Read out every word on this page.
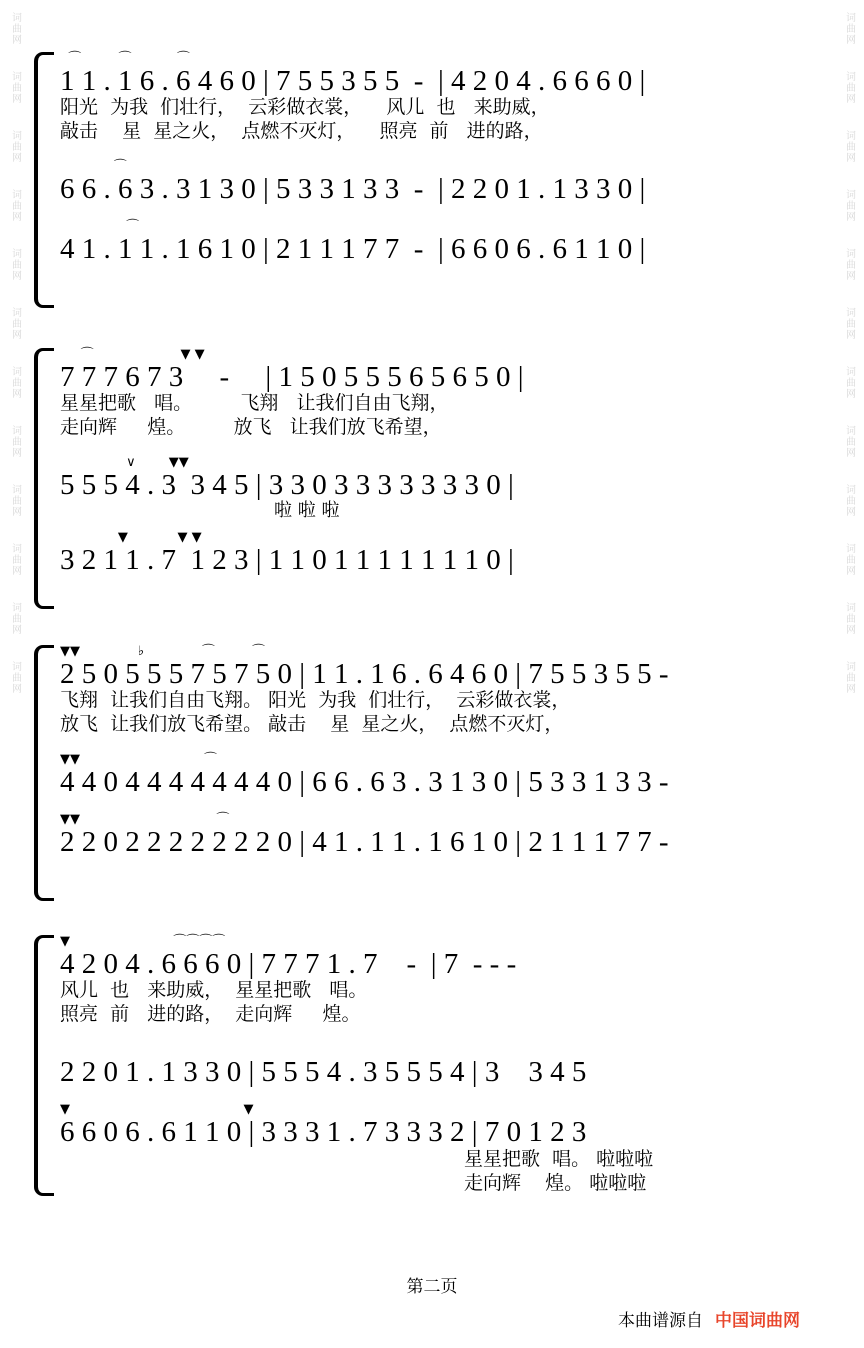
词曲网
词曲网
词曲网
词曲网
词曲网
词曲网
词曲网
词曲网
词曲网
词曲网
词曲网
词曲网
词曲网
词曲网
词曲网
词曲网
词曲网
词曲网
词曲网
词曲网
词曲网
词曲网
词曲网
词曲网
⌒         ⌒           ⌒
1 1 . 1 6 . 6 4 6 0 | 7 5 5 3 5 5  -  | 4 2 0 4 . 6 6 6 0 |
阳光  为我  们壮行，  云彩做衣裳，    风儿  也   来助威，
敲击    星  星之火，  点燃不灭灯，    照亮  前   进的路，
⌒
6 6 . 6 3 . 3 1 3 0 | 5 3 3 1 3 3  -  | 2 2 0 1 . 1 3 3 0 |
⌒
4 1 . 1 1 . 1 6 1 0 | 2 1 1 1 7 7  -  | 6 6 0 6 . 6 1 1 0 |
⌒                     ▼ ▼
7 7 7 6 7 3     -     | 1 5 0 5 5 5 6 5 6 5 0 |
星星把歌   唱。        飞翔   让我们自由飞翔，
走向辉     煌。        放飞   让我们放飞希望，
∨        ▼▼
5 5 5 4 . 3  3 4 5 | 3 3 0 3 3 3 3 3 3 3 0 |
啦 啦 啦
▼            ▼ ▼
3 2 1 1 . 7  1 2 3 | 1 1 0 1 1 1 1 1 1 1 0 |
▼▼              ♭              ⌒         ⌒
2 5 0 5 5 5 7 5 7 5 0 | 1 1 . 1 6 . 6 4 6 0 | 7 5 5 3 5 5 -
飞翔  让我们自由飞翔。 阳光  为我  们壮行，  云彩做衣裳，
放飞  让我们放飞希望。 敲击    星  星之火，  点燃不灭灯，
▼▼                              ⌒
4 4 0 4 4 4 4 4 4 4 0 | 6 6 . 6 3 . 3 1 3 0 | 5 3 3 1 3 3 -
▼▼                                 ⌒
2 2 0 2 2 2 2 2 2 2 0 | 4 1 . 1 1 . 1 6 1 0 | 2 1 1 1 7 7 -
▼                         ⌒⌒⌒⌒
4 2 0 4 . 6 6 6 0 | 7 7 7 1 . 7    -  | 7  - - -
风儿  也   来助威，  星星把歌   唱。
照亮  前   进的路，  走向辉     煌。
2 2 0 1 . 1 3 3 0 | 5 5 5 4 . 3 5 5 5 4 | 3    3 4 5
▼                                          ▼
6 6 0 6 . 6 1 1 0 | 3 3 3 1 . 7 3 3 3 2 | 7 0 1 2 3
星星把歌  唱。 啦啦啦
走向辉    煌。 啦啦啦
第二页
本曲谱源自 中国词曲网
